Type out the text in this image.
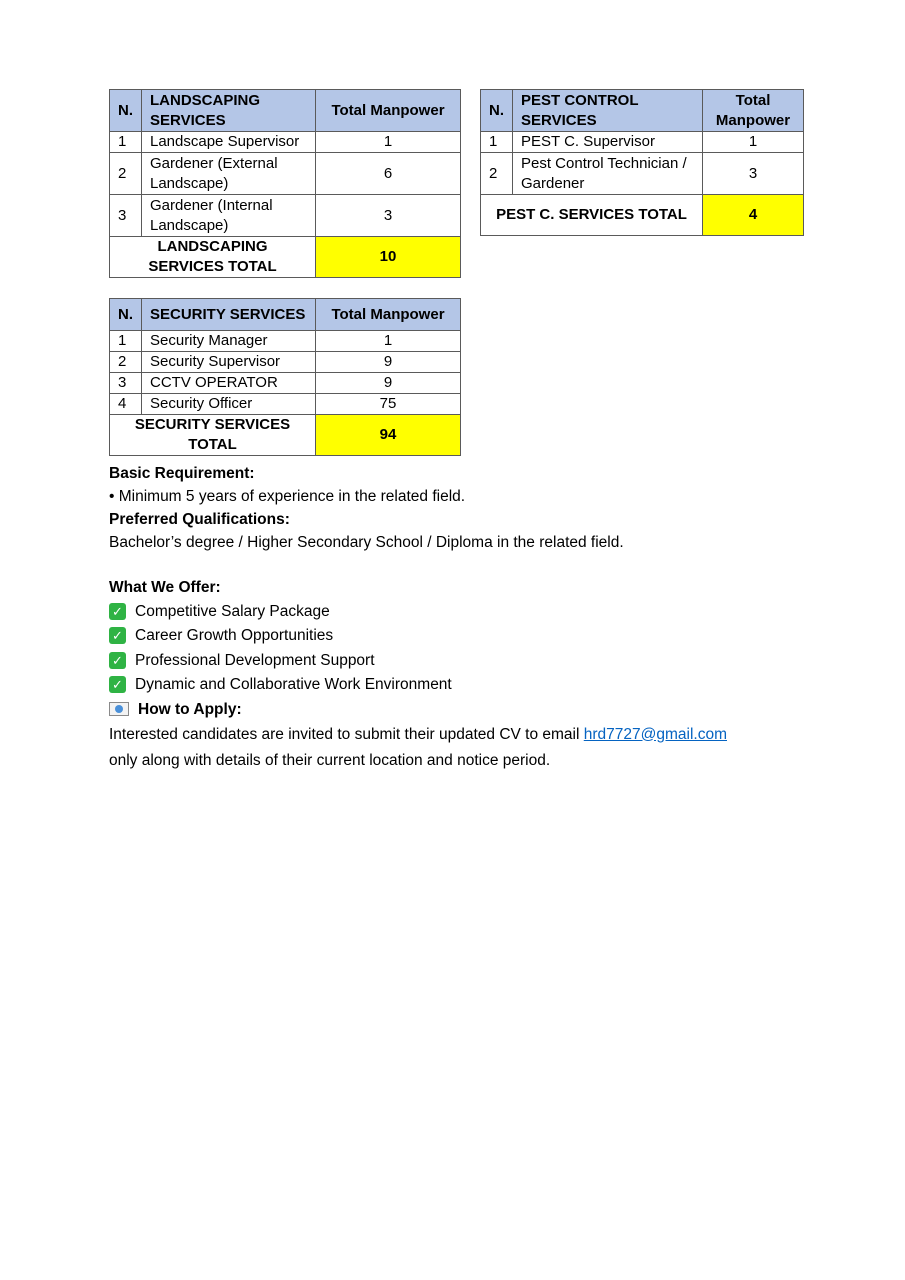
N.	LANDSCAPING SERVICES	Total Manpower
1	Landscape Supervisor	1
2	Gardener (External Landscape)	6
3	Gardener (Internal Landscape)	3
LANDSCAPING SERVICES TOTAL		10
N.	PEST CONTROL SERVICES	Total Manpower
1	PEST C. Supervisor	1
2	Pest Control Technician / Gardener	3
PEST C. SERVICES TOTAL		4
N.	SECURITY SERVICES	Total Manpower
1	Security Manager	1
2	Security Supervisor	9
3	CCTV OPERATOR	9
4	Security Officer	75
SECURITY SERVICES TOTAL		94

Basic Requirement:

• Minimum 5 years of experience in the related field.

Preferred Qualifications:

Bachelor’s degree / Higher Secondary School / Diploma in the related field.

What We Offer:

✓ Competitive Salary Package
✓ Career Growth Opportunities
✓ Professional Development Support
✓ Dynamic and Collaborative Work Environment
How to Apply:

Interested candidates are invited to submit their updated CV to email hrd7727@gmail.com
only along with details of their current location and notice period.
